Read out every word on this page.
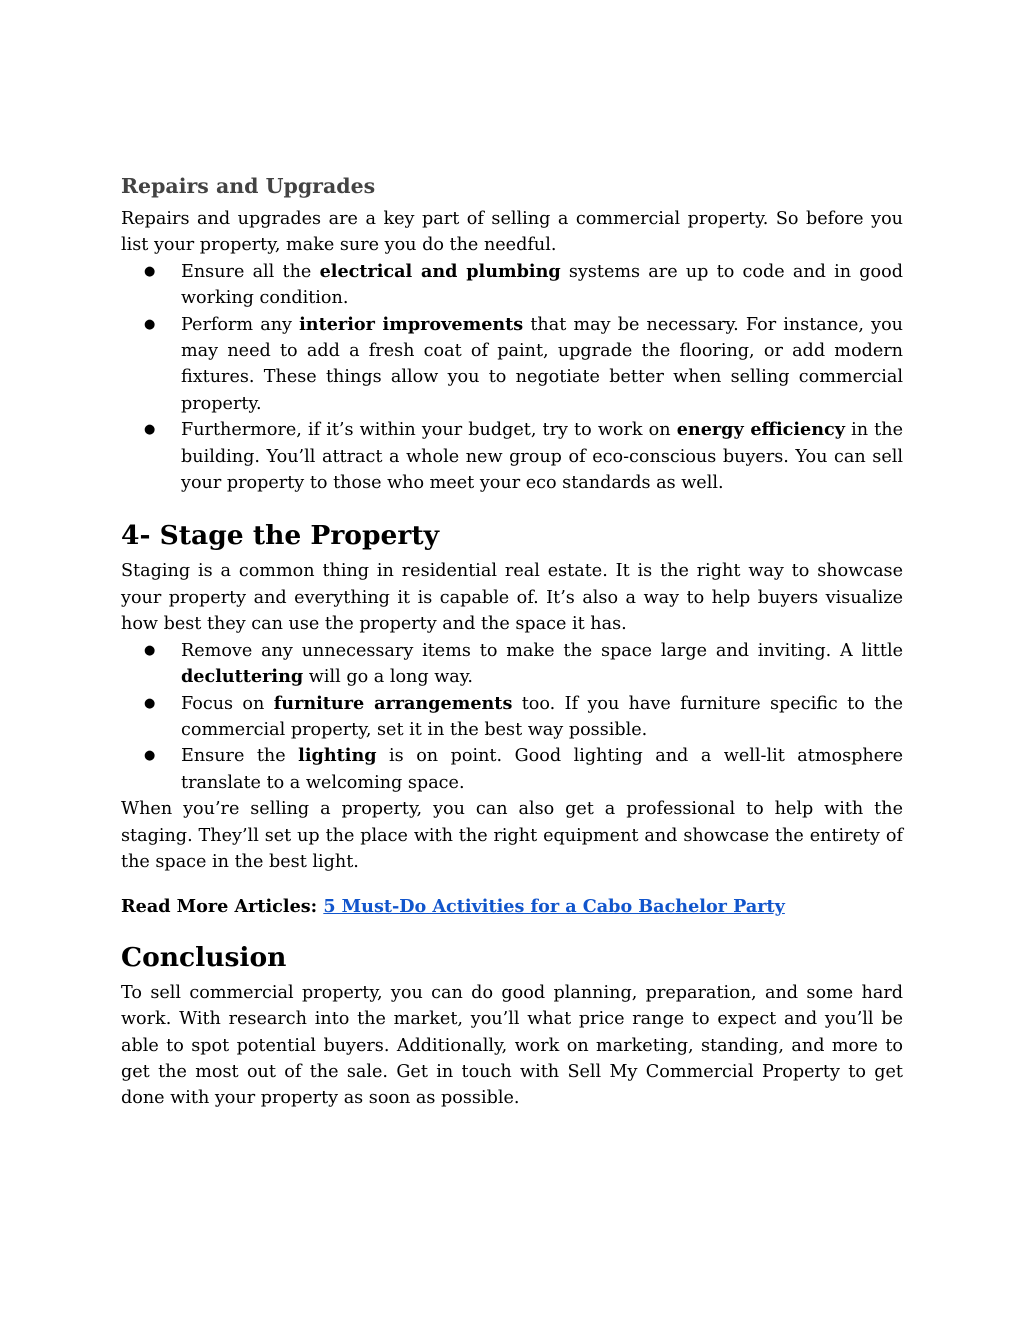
Repairs and Upgrades

Repairs and upgrades are a key part of selling a commercial property. So before you list your property, make sure you do the needful.

● Ensure all the electrical and plumbing systems are up to code and in good working condition.
● Perform any interior improvements that may be necessary. For instance, you may need to add a fresh coat of paint, upgrade the flooring, or add modern fixtures. These things allow you to negotiate better when selling commercial property.
● Furthermore, if it’s within your budget, try to work on energy efficiency in the building. You’ll attract a whole new group of eco-conscious buyers. You can sell your property to those who meet your eco standards as well.
4- Stage the Property

Staging is a common thing in residential real estate. It is the right way to showcase your property and everything it is capable of. It’s also a way to help buyers visualize how best they can use the property and the space it has.

● Remove any unnecessary items to make the space large and inviting. A little decluttering will go a long way.
● Focus on furniture arrangements too. If you have furniture specific to the commercial property, set it in the best way possible.
● Ensure the lighting is on point. Good lighting and a well-lit atmosphere translate to a welcoming space.

When you’re selling a property, you can also get a professional to help with the staging. They’ll set up the place with the right equipment and showcase the entirety of the space in the best light.

Read More Articles: 5 Must-Do Activities for a Cabo Bachelor Party

Conclusion

To sell commercial property, you can do good planning, preparation, and some hard work. With research into the market, you’ll what price range to expect and you’ll be able to spot potential buyers. Additionally, work on marketing, standing, and more to get the most out of the sale. Get in touch with Sell My Commercial Property to get done with your property as soon as possible.
